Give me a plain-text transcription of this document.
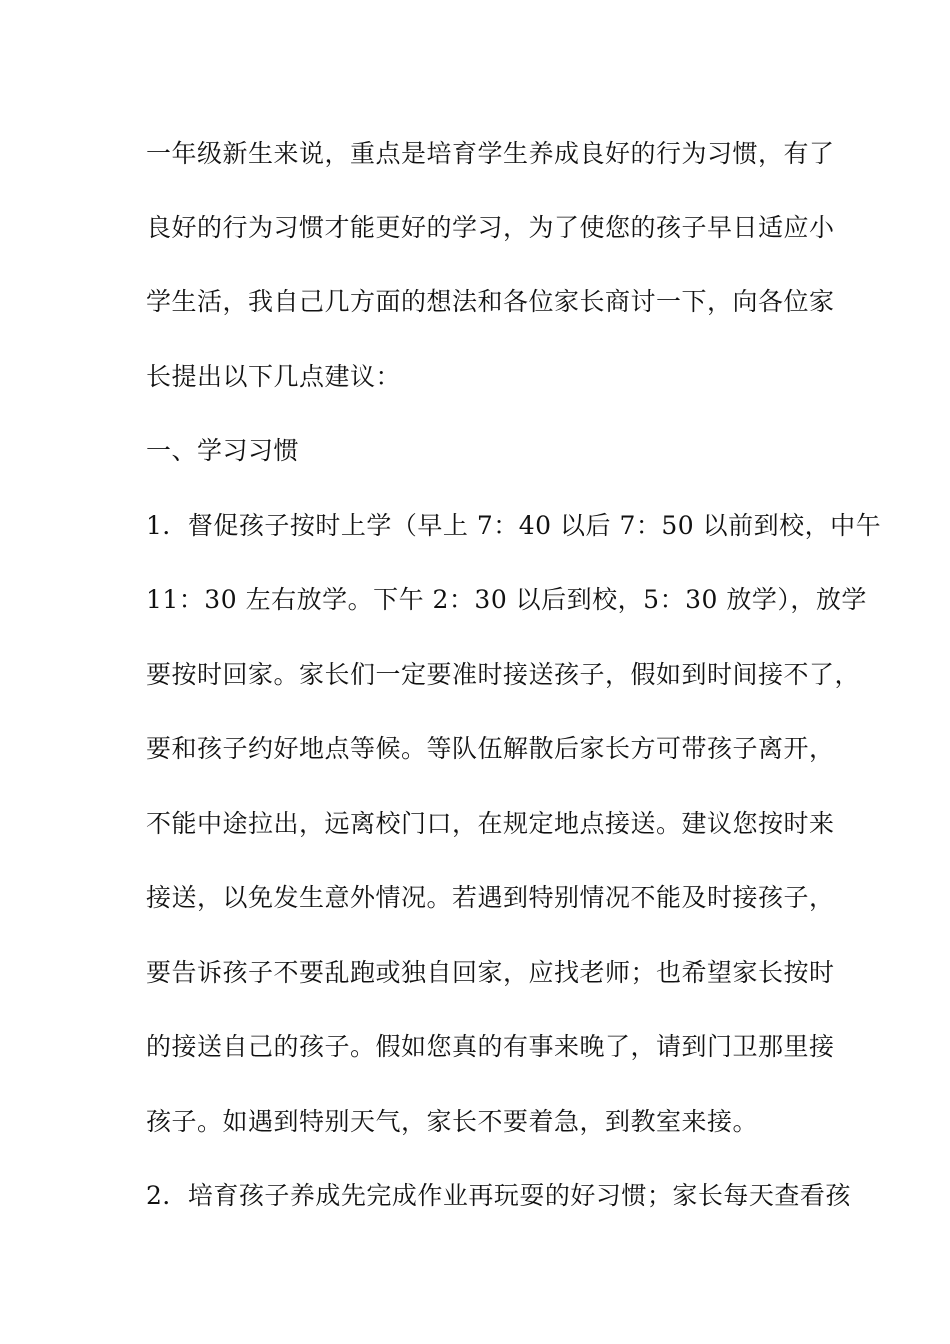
一年级新生来说，重点是培育学生养成良好的行为习惯，有了
良好的行为习惯才能更好的学习，为了使您的孩子早日适应小
学生活，我自己几方面的想法和各位家长商讨一下，向各位家
长提出以下几点建议：
一、学习习惯
1．督促孩子按时上学（早上 7：40 以后 7：50 以前到校，中午
11：30 左右放学。下午 2：30 以后到校，5：30 放学），放学
要按时回家。家长们一定要准时接送孩子，假如到时间接不了，
要和孩子约好地点等候。等队伍解散后家长方可带孩子离开，
不能中途拉出，远离校门口，在规定地点接送。建议您按时来
接送，以免发生意外情况。若遇到特别情况不能及时接孩子，
要告诉孩子不要乱跑或独自回家，应找老师；也希望家长按时
的接送自己的孩子。假如您真的有事来晚了，请到门卫那里接
孩子。如遇到特别天气，家长不要着急，到教室来接。
2．培育孩子养成先完成作业再玩耍的好习惯；家长每天查看孩
